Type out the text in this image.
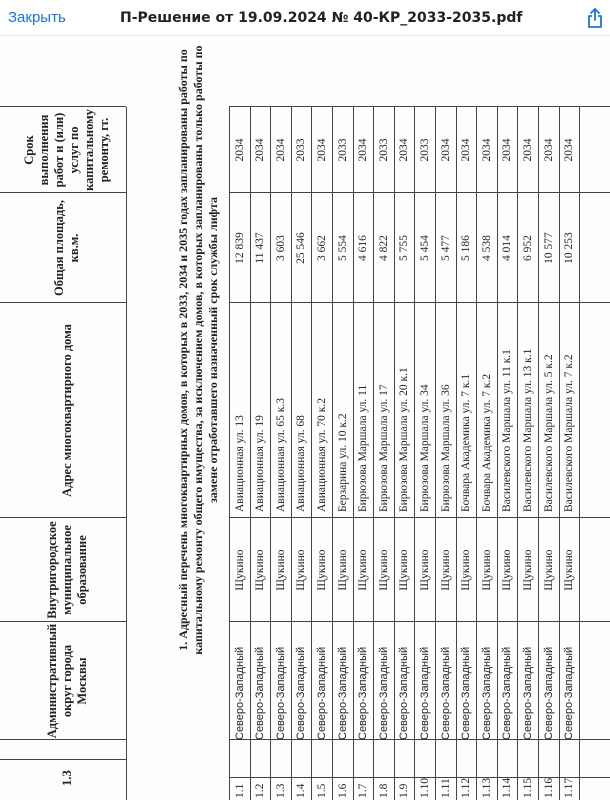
Закрыть	П-Решение от 19.09.2024 № 40-КР_2033-2035.pdf
1.3
Административный округ города Москвы
Внутригородское муниципальное образование
Адрес многоквартирного дома
Общая площадь, кв.м.
Срок выполнения работ и (или) услуг по капитальному ремонту, гг.	1. Адресный перечень многоквартирных домов, в которых в 2033, 2034 и 2035 годах запланированы работы по капитальному ремонту общего имущества, за исключением домов, в которых запланированы только работы по замене отработавшего назначенный срок службы лифта
1.1
Северо-Западный
Щукино
Авиационная ул. 13
12 839
2034
1.2
Северо-Западный
Щукино
Авиационная ул. 19
11 437
2034
1.3
Северо-Западный
Щукино
Авиационная ул. 65 к.3
3 603
2034
1.4
Северо-Западный
Щукино
Авиационная ул. 68
25 546
2033
1.5
Северо-Западный
Щукино
Авиационная ул. 70 к.2
3 662
2034
1.6
Северо-Западный
Щукино
Берзарина ул. 10 к.2
5 554
2033
1.7
Северо-Западный
Щукино
Бирюзова Маршала ул. 11
4 616
2034
1.8
Северо-Западный
Щукино
Бирюзова Маршала ул. 17
4 822
2033
1.9
Северо-Западный
Щукино
Бирюзова Маршала ул. 20 к.1
5 755
2034
1.10
Северо-Западный
Щукино
Бирюзова Маршала ул. 34
5 454
2033
1.11
Северо-Западный
Щукино
Бирюзова Маршала ул. 36
5 477
2034
1.12
Северо-Западный
Щукино
Бочвара Академика ул. 7 к.1
5 186
2034
1.13
Северо-Западный
Щукино
Бочвара Академика ул. 7 к.2
4 538
2034
1.14
Северо-Западный
Щукино
Василевского Маршала ул. 11 к.1
4 014
2034
1.15
Северо-Западный
Щукино
Василевского Маршала ул. 13 к.1
6 952
2034
1.16
Северо-Западный
Щукино
Василевского Маршала ул. 5 к.2
10 577
2034
1.17
Северо-Западный
Щукино
Василевского Маршала ул. 7 к.2
10 253
2034
